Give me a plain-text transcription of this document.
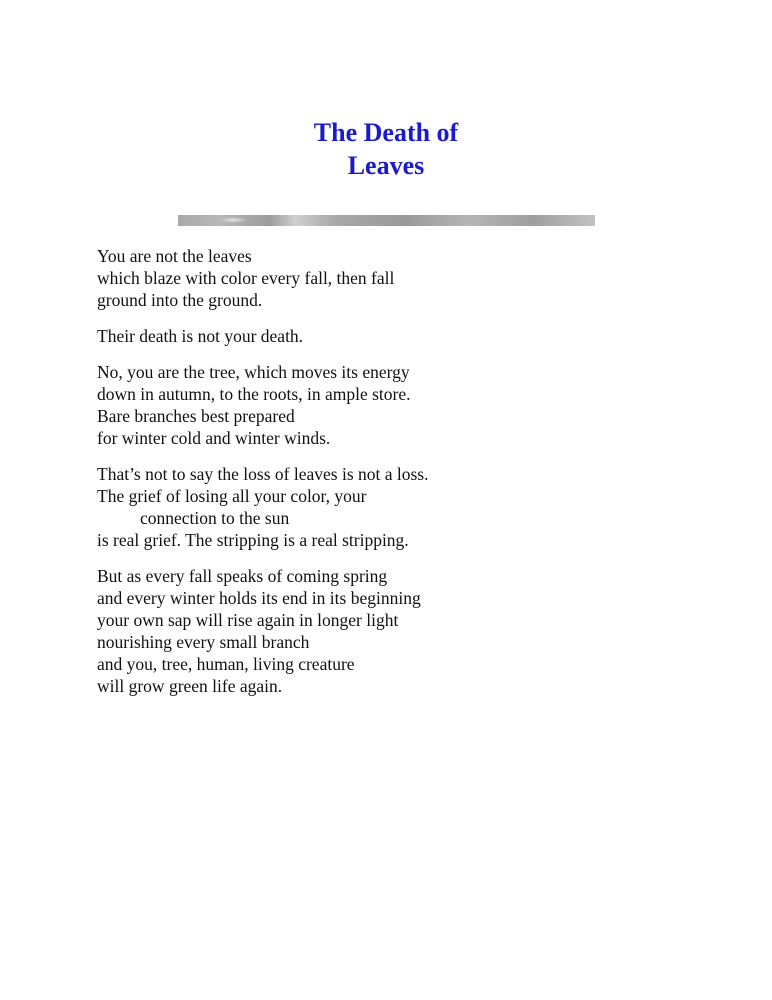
The Death of
Leaves
You are not the leaves
which blaze with color every fall, then fall
ground into the ground.
Their death is not your death.
No, you are the tree, which moves its energy
down in autumn, to the roots, in ample store.
Bare branches best prepared
for winter cold and winter winds.
That’s not to say the loss of leaves is not a loss.
The grief of losing all your color, your
connection to the sun
is real grief. The stripping is a real stripping.
But as every fall speaks of coming spring
and every winter holds its end in its beginning
your own sap will rise again in longer light
nourishing every small branch
and you, tree, human, living creature
will grow green life again.
